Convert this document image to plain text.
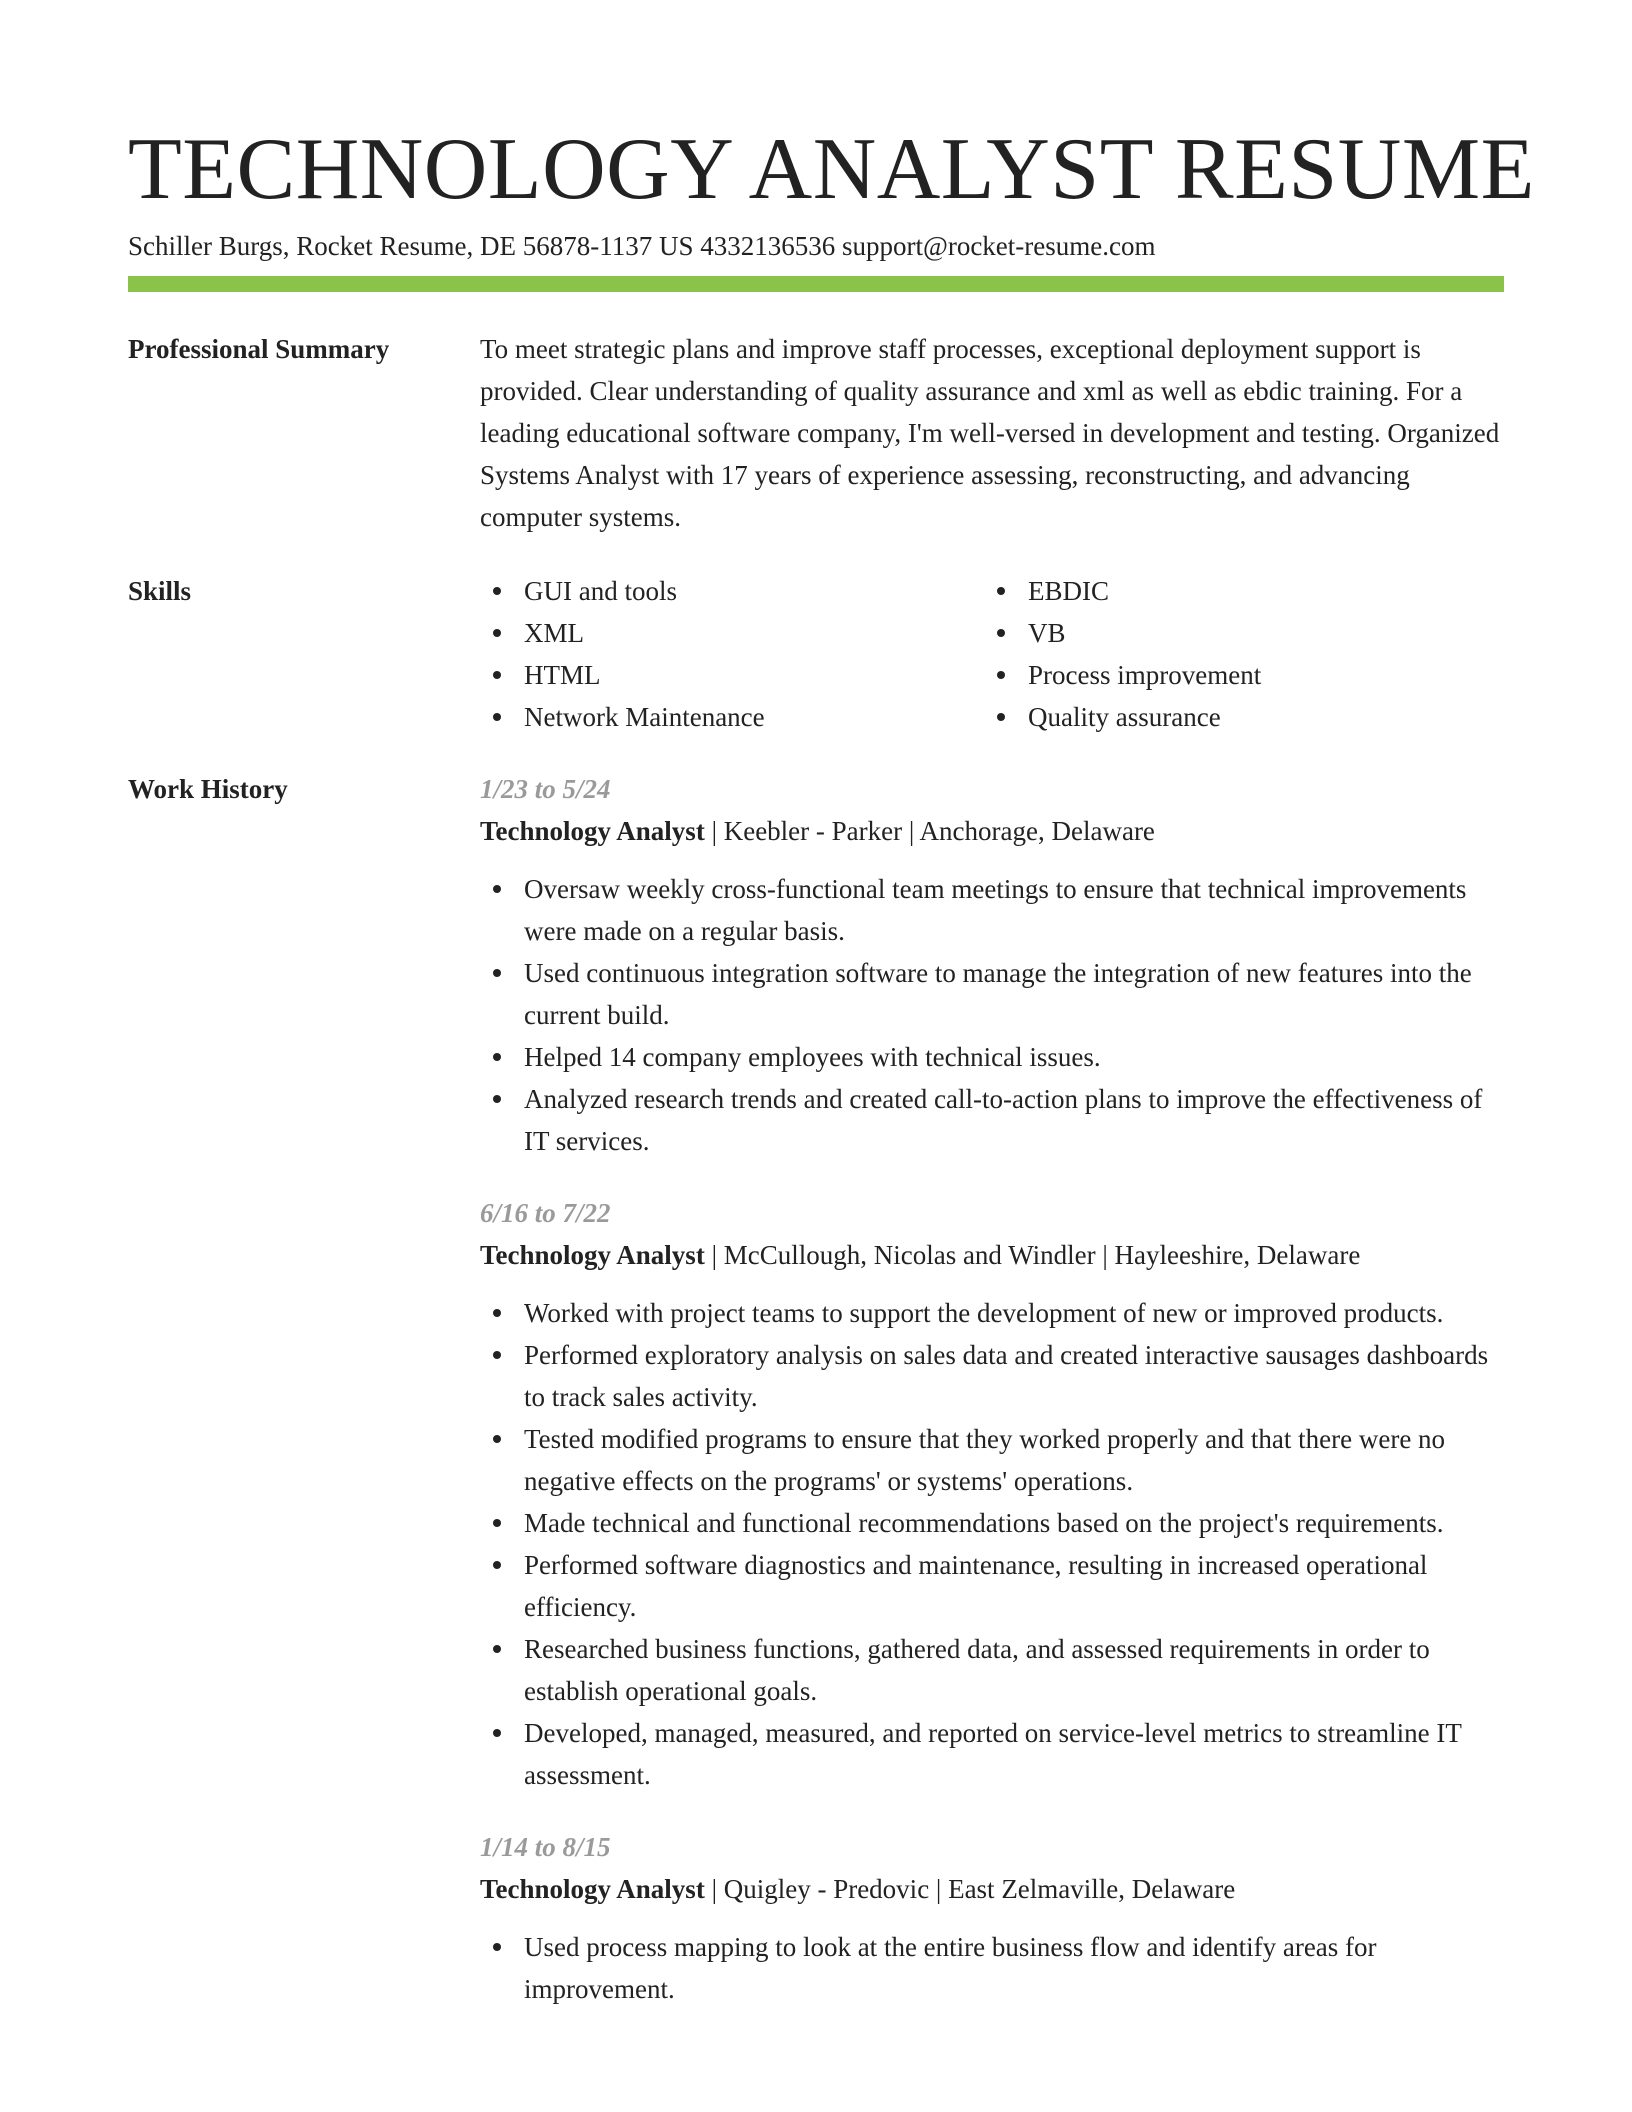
TECHNOLOGY ANALYST RESUME
Schiller Burgs, Rocket Resume, DE 56878-1137 US 4332136536 support@rocket-resume.com
Professional Summary	To meet strategic plans and improve staff processes, exceptional deployment support is provided. Clear understanding of quality assurance and xml as well as ebdic training. For a leading educational software company, I'm well-versed in development and testing. Organized Systems Analyst with 17 years of experience assessing, reconstructing, and advancing computer systems.

Skills	GUI and tools
XML
HTML
Network Maintenance
EBDIC
VB
Process improvement
Quality assurance
Work History	1/23 to 5/24
Technology Analyst | Keebler - Parker | Anchorage, Delaware
Oversaw weekly cross-functional team meetings to ensure that technical improvements were made on a regular basis.
Used continuous integration software to manage the integration of new features into the current build.
Helped 14 company employees with technical issues.
Analyzed research trends and created call-to-action plans to improve the effectiveness of IT services.
6/16 to 7/22
Technology Analyst | McCullough, Nicolas and Windler | Hayleeshire, Delaware
Worked with project teams to support the development of new or improved products.
Performed exploratory analysis on sales data and created interactive sausages dashboards to track sales activity.
Tested modified programs to ensure that they worked properly and that there were no negative effects on the programs' or systems' operations.
Made technical and functional recommendations based on the project's requirements.
Performed software diagnostics and maintenance, resulting in increased operational efficiency.
Researched business functions, gathered data, and assessed requirements in order to establish operational goals.
Developed, managed, measured, and reported on service-level metrics to streamline IT assessment.
1/14 to 8/15
Technology Analyst | Quigley - Predovic | East Zelmaville, Delaware
Used process mapping to look at the entire business flow and identify areas for improvement.
